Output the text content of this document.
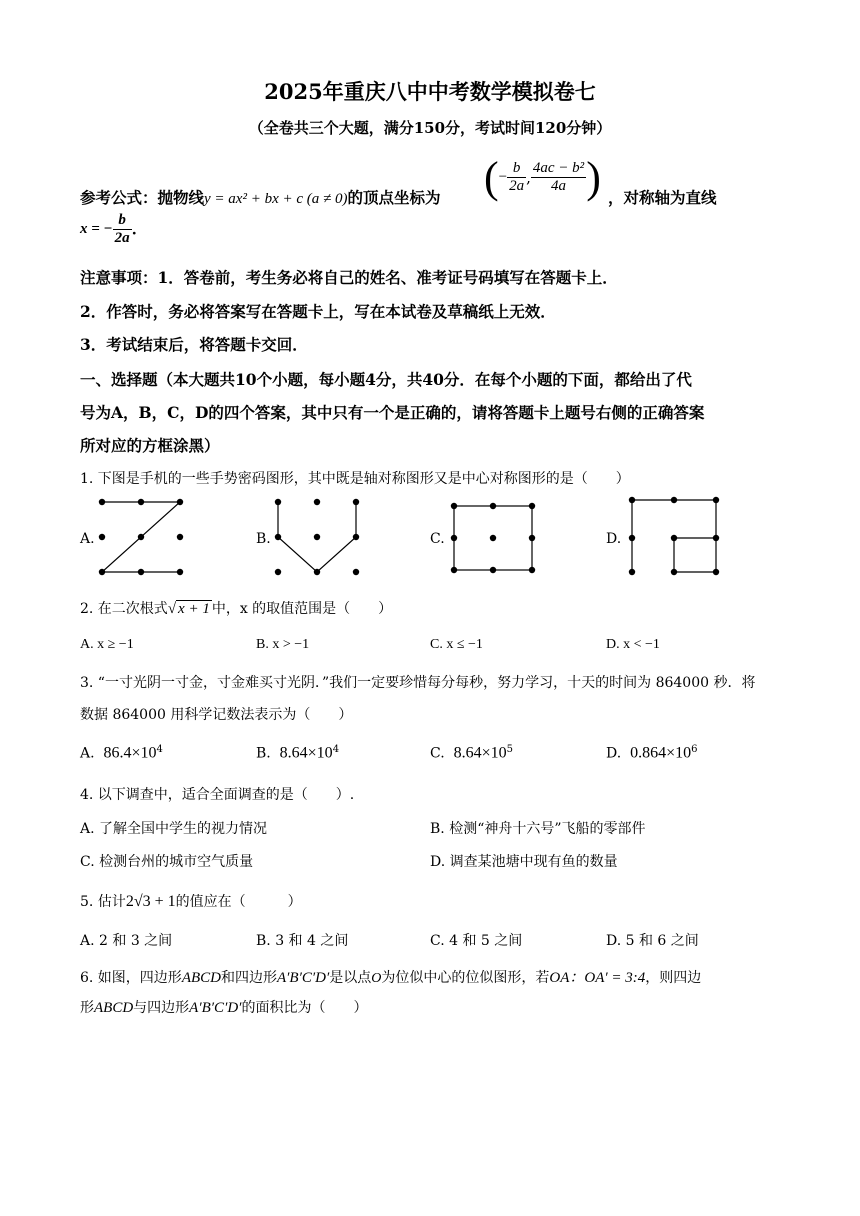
2025年重庆八中中考数学模拟卷七
（全卷共三个大题，满分150分，考试时间120分钟）
参考公式：抛物线y = ax² + bx + c (a ≠ 0)的顶点坐标为 (− $\frac{b}{2a}$ , $\frac{\text{4ac − b²}}{4a}$ ) ，对称轴为直线
x = − $\frac{b}{2a}$ .
注意事项：1．答卷前，考生务必将自己的姓名、准考证号码填写在答题卡上．
2．作答时，务必将答案写在答题卡上，写在本试卷及草稿纸上无效．
3．考试结束后，将答题卡交回．
一、选择题（本大题共10个小题，每小题4分，共40分．在每个小题的下面，都给出了代
号为A，B，C，D的四个答案，其中只有一个是正确的，请将答题卡上题号右侧的正确答案
所对应的方框涂黑）
1. 下图是手机的一些手势密码图形，其中既是轴对称图形又是中心对称图形的是（　　）
A.	B.	C.	D.
2. 在二次根式√ x + 1 中，x 的取值范围是（　　）
A. x ≥ −1	B. x > −1	C. x ≤ −1	D. x < −1
3. “一寸光阴一寸金，寸金难买寸光阴．”我们一定要珍惜每分每秒，努力学习，十天的时间为 864000 秒．将
数据 864000 用科学记数法表示为（　　）
A. $86.4\times 10^4$	B. $8.64\times 10^4$	C. $8.64\times 10^5$	D. $0.864\times 10^6$
4. 以下调查中，适合全面调查的是（　　）.
A. 了解全国中学生的视力情况	B. 检测“神舟十六号”飞船的零部件
C. 检测台州的城市空气质量	D. 调查某池塘中现有鱼的数量
5. 估计2√3 + 1的值应在（　　　）
A. 2 和 3 之间	B. 3 和 4 之间	C. 4 和 5 之间	D. 5 和 6 之间
6. 如图，四边形ABCD和四边形A′B′C′D′是以点O为位似中心的位似图形，若OA：OA′ = 3:4，则四边
形ABCD与四边形A′B′C′D′的面积比为（　　）
